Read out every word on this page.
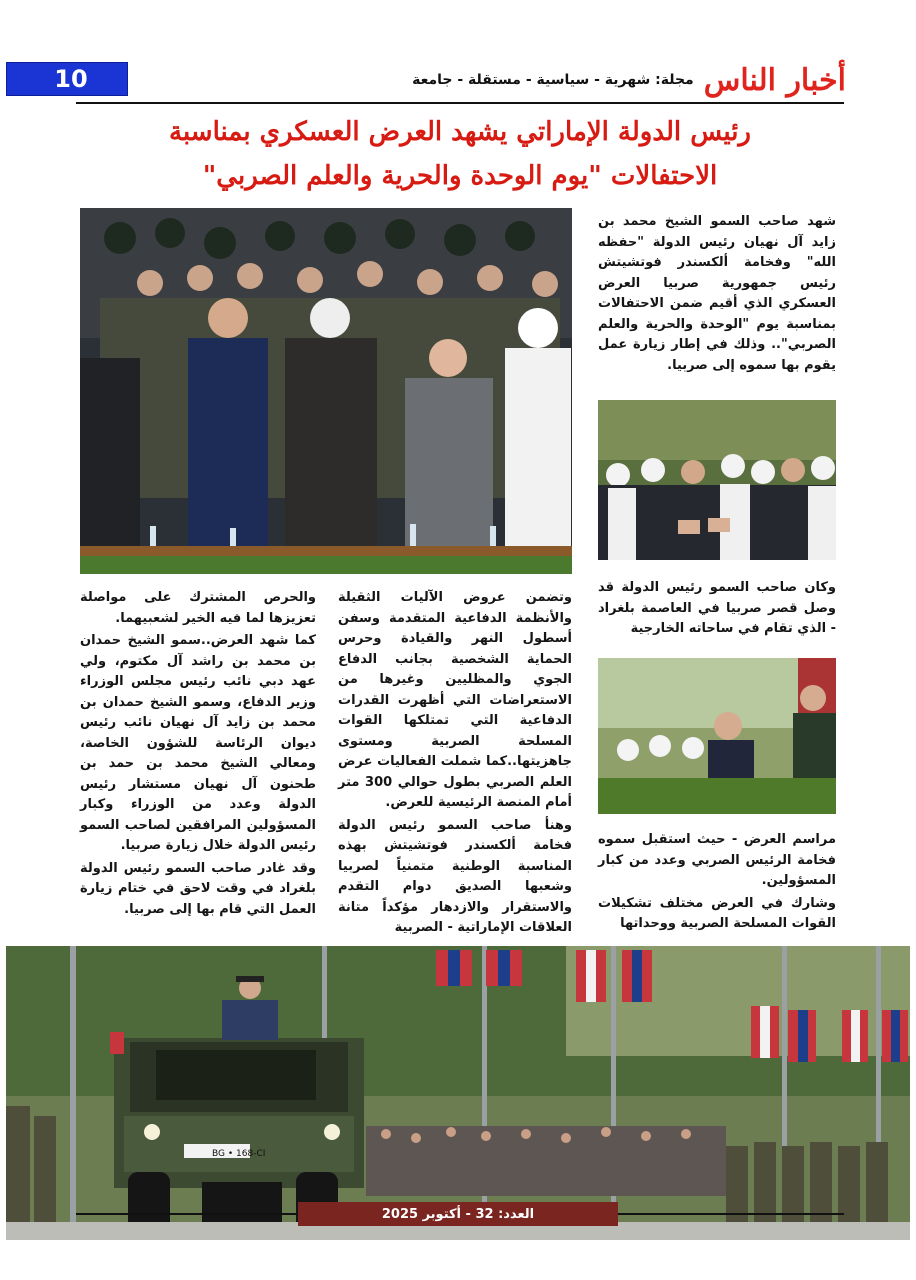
10	أخبار الناس
مجلة: شهرية - سياسية - مستقلة - جامعة
رئيس الدولة الإماراتي يشهد العرض العسكري بمناسبة
الاحتفالات "يوم الوحدة والحرية والعلم الصربي"

شهد صاحب السمو الشيخ محمد بن زايد آل نهيان رئيس الدولة "حفظه الله" وفخامة ألكسندر فوتشيتش رئيس جمهورية صربيا العرض العسكري الذي أقيم ضمن الاحتفالات بمناسبة يوم "الوحدة والحرية والعلم الصربي".. وذلك في إطار زيارة عمل يقوم بها سموه إلى صربيا.

وكان صاحب السمو رئيس الدولة قد وصل قصر صربيا في العاصمة بلغراد - الذي تقام في ساحاته الخارجية

مراسم العرض - حيث استقبل سموه فخامة الرئيس الصربي وعدد من كبار المسؤولين.

وشارك في العرض مختلف تشكيلات القوات المسلحة الصربية ووحداتها

وتضمن عروض الآليات الثقيلة والأنظمة الدفاعية المتقدمة وسفن أسطول النهر والقيادة وحرس الحماية الشخصية بجانب الدفاع الجوي والمظليين وغيرها من الاستعراضات التي أظهرت القدرات الدفاعية التي تمتلكها القوات المسلحة الصربية ومستوى جاهزيتها..كما شملت الفعاليات عرض العلم الصربي بطول حوالي 300 متر أمام المنصة الرئيسية للعرض.

وهنأ صاحب السمو رئيس الدولة فخامة ألكسندر فوتشيتش بهذه المناسبة الوطنية متمنياً لصربيا وشعبها الصديق دوام التقدم والاستقرار والازدهار مؤكداً متانة العلاقات الإماراتية - الصربية

والحرص المشترك على مواصلة تعزيزها لما فيه الخير لشعبيهما.

كما شهد العرض..سمو الشيخ حمدان بن محمد بن راشد آل مكتوم، ولي عهد دبي نائب رئيس مجلس الوزراء وزير الدفاع، وسمو الشيخ حمدان بن محمد بن زايد آل نهيان نائب رئيس ديوان الرئاسة للشؤون الخاصة، ومعالي الشيخ محمد بن حمد بن طحنون آل نهيان مستشار رئيس الدولة وعدد من الوزراء وكبار المسؤولين المرافقين لصاحب السمو رئيس الدولة خلال زيارة صربيا.

وقد غادر صاحب السمو رئيس الدولة بلغراد في وقت لاحق في ختام زيارة العمل التي قام بها إلى صربيا.

BG • 168-CI
العدد: 32 - أكتوبر 2025
